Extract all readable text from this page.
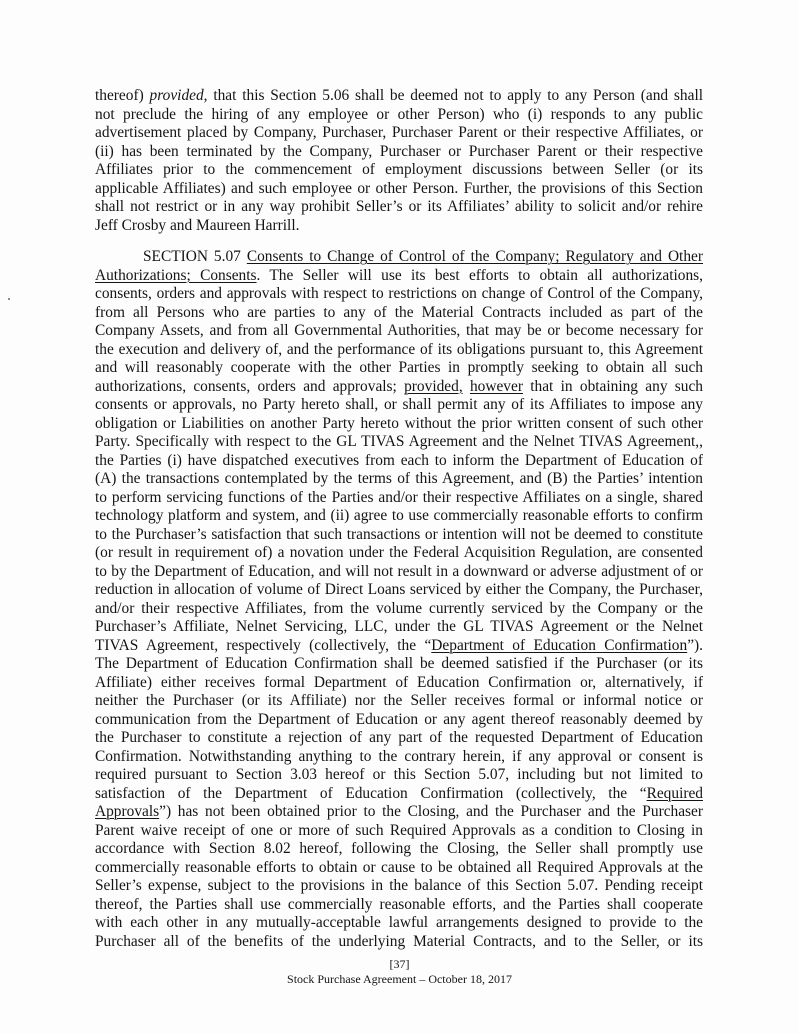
thereof) provided, that this Section 5.06 shall be deemed not to apply to any Person (and shall
not preclude the hiring of any employee or other Person) who (i) responds to any public
advertisement placed by Company, Purchaser, Purchaser Parent or their respective Affiliates, or
(ii) has been terminated by the Company, Purchaser or Purchaser Parent or their respective
Affiliates prior to the commencement of employment discussions between Seller (or its
applicable Affiliates) and such employee or other Person. Further, the provisions of this Section
shall not restrict or in any way prohibit Seller’s or its Affiliates’ ability to solicit and/or rehire
Jeff Crosby and Maureen Harrill.
SECTION 5.07 Consents to Change of Control of the Company; Regulatory and Other
Authorizations; Consents. The Seller will use its best efforts to obtain all authorizations,
consents, orders and approvals with respect to restrictions on change of Control of the Company,
from all Persons who are parties to any of the Material Contracts included as part of the
Company Assets, and from all Governmental Authorities, that may be or become necessary for
the execution and delivery of, and the performance of its obligations pursuant to, this Agreement
and will reasonably cooperate with the other Parties in promptly seeking to obtain all such
authorizations, consents, orders and approvals; provided, however that in obtaining any such
consents or approvals, no Party hereto shall, or shall permit any of its Affiliates to impose any
obligation or Liabilities on another Party hereto without the prior written consent of such other
Party. Specifically with respect to the GL TIVAS Agreement and the Nelnet TIVAS Agreement,,
the Parties (i) have dispatched executives from each to inform the Department of Education of
(A) the transactions contemplated by the terms of this Agreement, and (B) the Parties’ intention
to perform servicing functions of the Parties and/or their respective Affiliates on a single, shared
technology platform and system, and (ii) agree to use commercially reasonable efforts to confirm
to the Purchaser’s satisfaction that such transactions or intention will not be deemed to constitute
(or result in requirement of) a novation under the Federal Acquisition Regulation, are consented
to by the Department of Education, and will not result in a downward or adverse adjustment of or
reduction in allocation of volume of Direct Loans serviced by either the Company, the Purchaser,
and/or their respective Affiliates, from the volume currently serviced by the Company or the
Purchaser’s Affiliate, Nelnet Servicing, LLC, under the GL TIVAS Agreement or the Nelnet
TIVAS Agreement, respectively (collectively, the “Department of Education Confirmation”).
The Department of Education Confirmation shall be deemed satisfied if the Purchaser (or its
Affiliate) either receives formal Department of Education Confirmation or, alternatively, if
neither the Purchaser (or its Affiliate) nor the Seller receives formal or informal notice or
communication from the Department of Education or any agent thereof reasonably deemed by
the Purchaser to constitute a rejection of any part of the requested Department of Education
Confirmation. Notwithstanding anything to the contrary herein, if any approval or consent is
required pursuant to Section 3.03 hereof or this Section 5.07, including but not limited to
satisfaction of the Department of Education Confirmation (collectively, the “Required
Approvals”) has not been obtained prior to the Closing, and the Purchaser and the Purchaser
Parent waive receipt of one or more of such Required Approvals as a condition to Closing in
accordance with Section 8.02 hereof, following the Closing, the Seller shall promptly use
commercially reasonable efforts to obtain or cause to be obtained all Required Approvals at the
Seller’s expense, subject to the provisions in the balance of this Section 5.07. Pending receipt
thereof, the Parties shall use commercially reasonable efforts, and the Parties shall cooperate
with each other in any mutually-acceptable lawful arrangements designed to provide to the
Purchaser all of the benefits of the underlying Material Contracts, and to the Seller, or its
[37]
Stock Purchase Agreement – October 18, 2017
